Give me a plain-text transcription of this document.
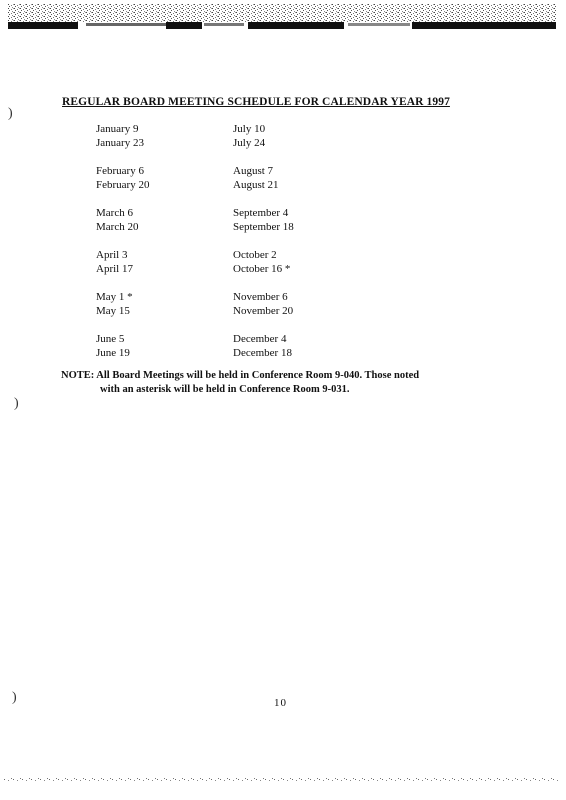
)
)
)
REGULAR BOARD MEETING SCHEDULE FOR CALENDAR YEAR 1997
January 9
January 23
July 10
July 24
February 6
February 20
August 7
August 21
March 6
March 20
September 4
September 18
April 3
April 17
October 2
October 16 *
May 1 *
May 15
November 6
November 20
June 5
June 19
December 4
December 18
NOTE: All Board Meetings will be held in Conference Room 9-040. Those noted
with an asterisk will be held in Conference Room 9-031.
10
